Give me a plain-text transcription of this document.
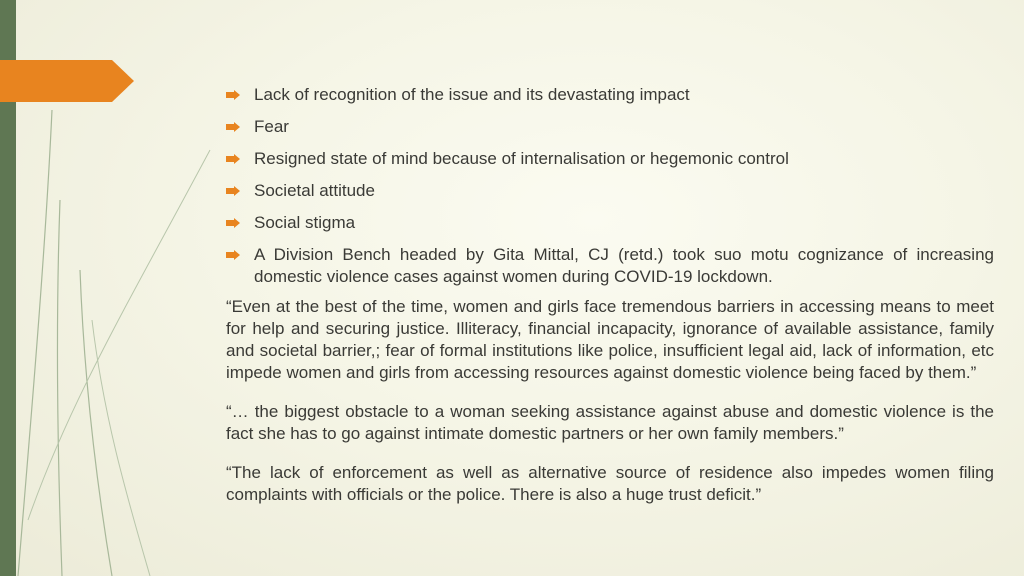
Lack of recognition of the issue and its devastating impact
Fear
Resigned state of mind because of internalisation or hegemonic control
Societal attitude
Social stigma
A Division Bench headed by Gita Mittal, CJ (retd.) took suo motu cognizance of increasing domestic violence cases against women during COVID-19 lockdown.

“Even at the best of the time, women and girls face tremendous barriers in accessing means to meet for help and securing justice. Illiteracy, financial incapacity, ignorance of available assistance, family and societal barrier,; fear of formal institutions like police, insufficient legal aid, lack of information, etc impede women and girls from accessing resources against domestic violence being faced by them.”

“… the biggest obstacle to a woman seeking assistance against abuse and domestic violence is the fact she has to go against intimate domestic partners or her own family members.”

“The lack of enforcement as well as alternative source of residence also impedes women filing complaints with officials or the police. There is also a huge trust deficit.”
